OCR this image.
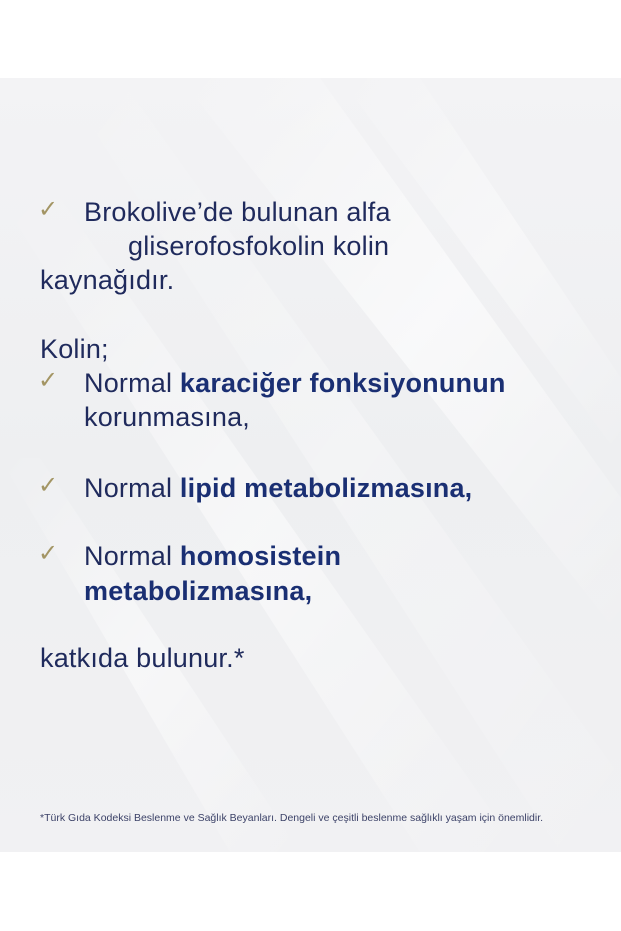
✓ Brokolive’de bulunan alfa
gliserofosfokolin kolin
kaynağıdır.
Kolin;
✓ Normal karaciğer fonksiyonunun
korunmasına,
✓ Normal lipid metabolizmasına,
✓ Normal homosistein
metabolizmasına,
katkıda bulunur.*
*Türk Gıda Kodeksi Beslenme ve Sağlık Beyanları. Dengeli ve çeşitli beslenme sağlıklı yaşam için önemlidir.
